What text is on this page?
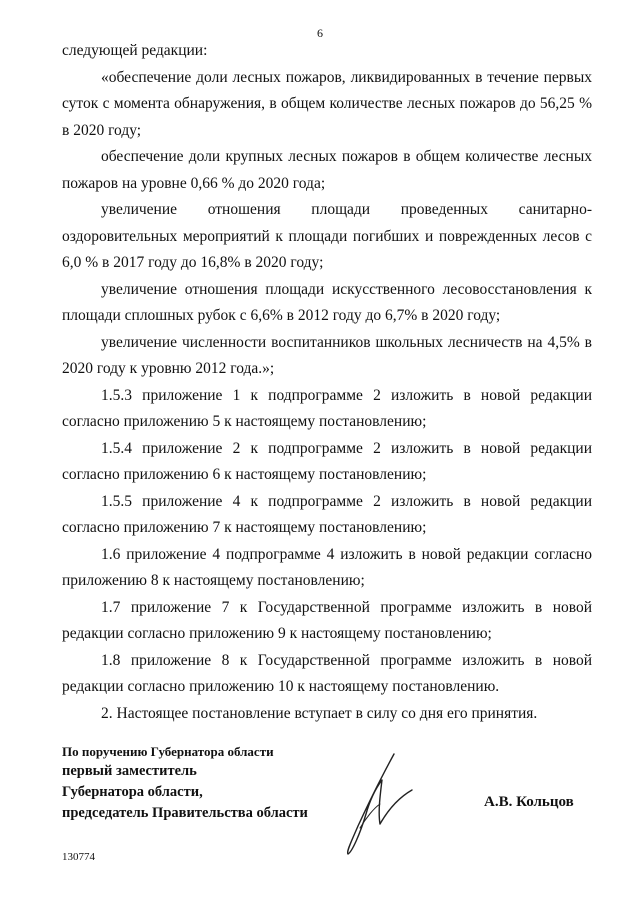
6

следующей редакции:

«обеспечение доли лесных пожаров, ликвидированных в течение первых суток с момента обнаружения, в общем количестве лесных пожаров до 56,25 % в 2020 году;

обеспечение доли крупных лесных пожаров в общем количестве лесных пожаров на уровне 0,66 % до 2020 года;

увеличение отношения площади проведенных санитарно-оздоровительных мероприятий к площади погибших и поврежденных лесов с 6,0 % в 2017 году до 16,8% в 2020 году;

увеличение отношения площади искусственного лесовосстановления к площади сплошных рубок с 6,6% в 2012 году до 6,7% в 2020 году;

увеличение численности воспитанников школьных лесничеств на 4,5% в 2020 году к уровню 2012 года.»;

1.5.3 приложение 1 к подпрограмме 2 изложить в новой редакции согласно приложению 5 к настоящему постановлению;

1.5.4 приложение 2 к подпрограмме 2 изложить в новой редакции согласно приложению 6 к настоящему постановлению;

1.5.5 приложение 4 к подпрограмме 2 изложить в новой редакции согласно приложению 7 к настоящему постановлению;

1.6 приложение 4 подпрограмме 4 изложить в новой редакции согласно приложению 8 к настоящему постановлению;

1.7 приложение 7 к Государственной программе изложить в новой редакции согласно приложению 9 к настоящему постановлению;

1.8 приложение 8 к Государственной программе изложить в новой редакции согласно приложению 10 к настоящему постановлению.

2. Настоящее постановление вступает в силу со дня его принятия.

По поручению Губернатора области
первый заместитель
Губернатора области,
председатель Правительства области
А.В. Кольцов
130774
